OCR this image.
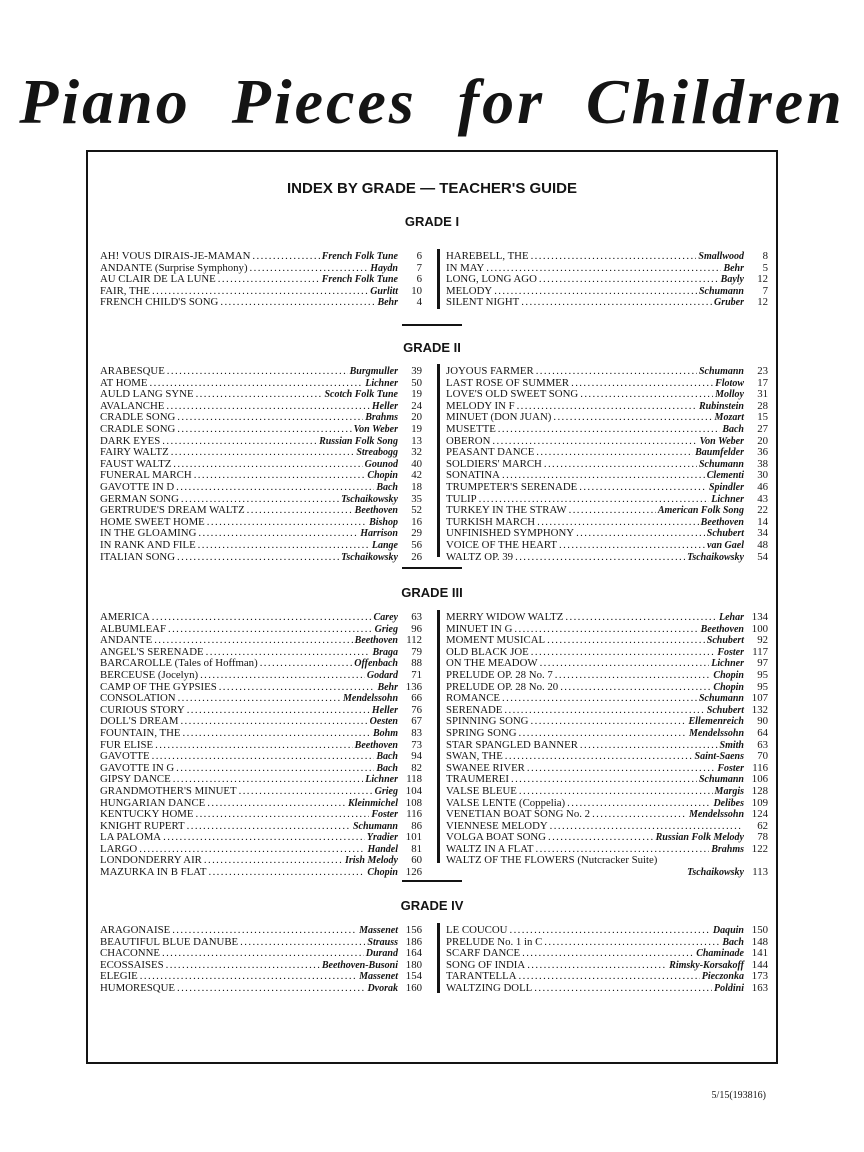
Piano Pieces for Children
INDEX BY GRADE — TEACHER'S GUIDE
GRADE I
AH! VOUS DIRAIS-JE-MAMAN .....	French Folk Tune	6
ANDANTE (Surprise Symphony) .....	Haydn	7
AU CLAIR DE LA LUNE .....	French Folk Tune	6
FAIR, THE .....	Gurlitt	10
FRENCH CHILD'S SONG .....	Behr	4
HAREBELL, THE .....	Smallwood	8
IN MAY .....	Behr	5
LONG, LONG AGO .....	Bayly	12
MELODY .....	Schumann	7
SILENT NIGHT .....	Gruber	12
GRADE II
ARABESQUE .....	Burgmuller	39
AT HOME .....	Lichner	50
AULD LANG SYNE .....	Scotch Folk Tune	19
AVALANCHE .....	Heller	24
CRADLE SONG .....	Brahms	20
CRADLE SONG .....	Von Weber	19
DARK EYES .....	Russian Folk Song	13
FAIRY WALTZ .....	Streabogg	32
FAUST WALTZ .....	Gounod	40
FUNERAL MARCH .....	Chopin	42
GAVOTTE IN D .....	Bach	18
GERMAN SONG .....	Tschaikowsky	35
GERTRUDE'S DREAM WALTZ .....	Beethoven	52
HOME SWEET HOME .....	Bishop	16
IN THE GLOAMING .....	Harrison	29
IN RANK AND FILE .....	Lange	56
ITALIAN SONG .....	Tschaikowsky	26
JOYOUS FARMER .....	Schumann	23
LAST ROSE OF SUMMER .....	Flotow	17
LOVE'S OLD SWEET SONG .....	Molloy	31
MELODY IN F .....	Rubinstein	28
MINUET (DON JUAN) .....	Mozart	15
MUSETTE .....	Bach	27
OBERON .....	Von Weber	20
PEASANT DANCE .....	Baumfelder	36
SOLDIERS' MARCH .....	Schumann	38
SONATINA .....	Clementi	30
TRUMPETER'S SERENADE .....	Spindler	46
TULIP .....	Lichner	43
TURKEY IN THE STRAW .....	American Folk Song	22
TURKISH MARCH .....	Beethoven	14
UNFINISHED SYMPHONY .....	Schubert	34
VOICE OF THE HEART .....	van Gael	48
WALTZ OP. 39 .....	Tschaikowsky	54
GRADE III
AMERICA .....	Carey	63
ALBUMLEAF .....	Grieg	96
ANDANTE .....	Beethoven 112
ANGEL'S SERENADE .....	Braga	79
BARCAROLLE (Tales of Hoffman) .....	Offenbach	88
BERCEUSE (Jocelyn) .....	Godard	71
CAMP OF THE GYPSIES .....	Behr 136
CONSOLATION .....	Mendelssohn	66
CURIOUS STORY .....	Heller	76
DOLL'S DREAM .....	Oesten	67
FOUNTAIN, THE .....	Bohm	83
FUR ELISE .....	Beethoven	73
GAVOTTE .....	Bach	94
GAVOTTE IN G .....	Bach	82
GIPSY DANCE .....	Lichner 118
GRANDMOTHER'S MINUET .....	Grieg 104
HUNGARIAN DANCE .....	Kleinmichel 108
KENTUCKY HOME .....	Foster 116
KNIGHT RUPERT .....	Schumann	86
LA PALOMA .....	Yradier 101
LARGO .....	Handel	81
LONDONDERRY AIR .....	Irish Melody	60
MAZURKA IN B FLAT .....	Chopin 126
MERRY WIDOW WALTZ .....	Lehar 134
MINUET IN G .....	Beethoven 100
MOMENT MUSICAL .....	Schubert	92
OLD BLACK JOE .....	Foster 117
ON THE MEADOW .....	Lichner	97
PRELUDE OP. 28 No. 7 .....	Chopin	95
PRELUDE OP. 28 No. 20 .....	Chopin	95
ROMANCE .....	Schumann 107
SERENADE .....	Schubert 132
SPINNING SONG .....	Ellemenreich	90
SPRING SONG .....	Mendelssohn	64
STAR SPANGLED BANNER .....	Smith	63
SWAN, THE .....	Saint-Saens	70
SWANEE RIVER .....	Foster 116
TRAUMEREI .....	Schumann 106
VALSE BLEUE .....	Margis 128
VALSE LENTE (Coppelia) .....	Delibes 109
VENETIAN BOAT SONG No. 2 .....	Mendelssohn 124
VIENNESE MELODY .....	62
VOLGA BOAT SONG .....	Russian Folk Melody	78
WALTZ IN A FLAT .....	Brahms 122
WALTZ OF THE FLOWERS (Nutcracker Suite)
Tschaikowsky 113
GRADE IV
ARAGONAISE .....	Massenet 156
BEAUTIFUL BLUE DANUBE .....	Strauss 186
CHACONNE .....	Durand 164
ECOSSAISES .....	Beethoven-Busoni 180
ELEGIE .....	Massenet 154
HUMORESQUE .....	Dvorak 160
LE COUCOU .....	Daquin 150
PRELUDE No. 1 in C .....	Bach 148
SCARF DANCE .....	Chaminade 141
SONG OF INDIA .....	Rimsky-Korsakoff 144
TARANTELLA .....	Pieczonka 173
WALTZING DOLL .....	Poldini 163
5/15(193816)
